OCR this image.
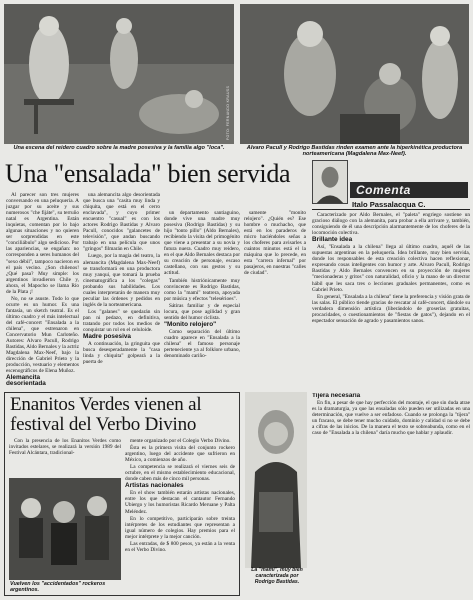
FOTO: FERNANDO KRAUSS
Una escena del reidero cuadro sobre la madre posesiva y la familia algo "loca".	Alvaro Pacull y Rodrigo Bastidas rinden examen ante la hiperkinética productora norteamericana (Magdalena Max-Neef).
Una "ensalada" bien servida
Comenta
Italo Passalacqua C.

Al parecer son tres mujeres conversando en una peluquería. A juzgar por su aceite y sus numerosos "che fijáte", su terruño natal es Argentina. Están inquietas, comentan por lo bajo algunas situaciones y no quieren ser sorprendidas en este "conciliábulo" algo sedicioso. Por las apariencias, se engañan: no corresponden a seres humanos del "sexo débil", tampoco nacieron en el país vecino. ¿Son chilenos! ¿Qué pasa? Muy simple: los argentinos invadieron Chile y, ahora, el Mapocho se llama Río de la Plata ¡!

No, no se asuste. Todo lo que ocurre es un humor. Es una fantasía, un sketch teatral. Es el último cuadro y el más intelectual del café-concert "Ensalada a la chilena", que estrenaron en Concervatorio Mun Carloteño. Autores: Alvaro Pacull, Rodrigo Bastidas, Aldo Bernales y la actriz Magdalena Max-Neef, bajo la dirección de Gabriel Prieto y la producción, vestuario y elementos escenográficos de Elena Muñoz.

Alemancita desorientada

una alemancita algo desorientada que busca una "casita muy linda y chiquita, que está en el cerro enclavada", y cuyo primer encuentro "casual" es con los actores Rodrigo Bastidas y Alvaro Pacull, conocidos "galancetes de televisión", que andan buscando trabajo en una película que unos "gringos" filmarán en Chile.

Luego, por la magia del teatro, la alemancita (Magdalena Max-Neef) se transformará en una productora muy yanqui, que tomará la prueba cinematográfica a los "colegas" probando sus habilidades. Los cuales interpretarán de manera muy peculiar las órdenes y pedidos en inglés de la norteamericana.

Los "galanes" se quedarán sin pan ni pedazo, en definitiva, tratando por todos los medios de conquistar un rol en el celuloide.

Madre posesiva

A continuación, la gringuita que busca desesperadamente la "casa linda y chiquita" golpeará a la puerta de

un departamento santiaguino, donde vive una madre muy posesiva (Rodrigo Bastidas) y su hijo "tonto pillo" (Aldo Bernales), recibiendo la visita del primogénito que viene a presentar a su novia y futura nuera. Cuadro muy reidero, en el que Aldo Bernales destaca por su creación de personaje, escaso castellano, con sus gestos y su actitud.

También histriónicamente muy convincente es Rodrigo Bastidas, como la "mami" teatrera, apoyada por música y efectos "telesérioes".

Sátiras familiar y de especial locura, que pose agilidad y gran sentido del humor ciclista.

"Monito relojero"

Como separación del último cuadro aparece en "Ensalada a la chilena" el famoso personaje perteneciente ya al folklore urbano, denominado cariño-

samente "monito relojero". ¿Quién es? Ese hombre o muchacho, que está en los paraderos de micro haciéndoles señas a los choferes para avisarles a cuántos minutos está el la máquina que lo precede, en esta "carrera infernal" por pasajeros, en nuestras "calles de ciudad".

Caracterizado por Aldo Bernales, el "paleta" engriego sostiene un gracioso diálogo con la alemanita, para probar a ella arrivare y, también, consiguiendo de él una descripción alarmantemente de los choferes de la locomoción colectiva.

Brillante idea

Así, "Ensalada a la chilena" llega al último cuadro, aquél de las supuestas argentinas en la peluquería. Idea brillante, muy bien servida, donde los responsables de esta creación colectiva hacen reflexionar, expresando cosas inteligentes con humor y arte. Alvaro Pacull, Rodrigo Bastidas y Aldo Bernales convencen en su proyección de mujeres "mecionaderas y gritos" con naturalidad, oficio y la mano de un director hábil que les saca tres o lecciones graduales permanentes, como es Gabriel Prieto.

En general, "Ensalada a la chilena" tiene la preferencia y visión grata de las salas. El público tiende gracias de rescatar al café-concert, dándole su verdadera dimensión artística (liberándolo de groserías gratuitas, procacidades, o cuestionamientos de "fiestas de gatos"), dejando en el espectador sensación de agrado y pasamientos sanos.

Enanitos Verdes vienen al festival del Verbo Divino

Con la presencia de los Enanitos Verdes como invitados estelares, se realizará la versión 1989 del Festival Alcántara, tradicional-

Vuelven los "accidentados" rockeros argentinos.

mente organizado por el Colegio Verbo Divino.

Ésta es la primera visita del conjunto rockero argentino, luego del accidente que sufrieron en México, a comienzos de año.

La competencia se realizará el viernes seis de octubre, en el mismo establecimiento educacional, donde caben más de cinco mil personas.

Artistas nacionales

En el show también estarán artistas nacionales, entre los que destacan el cantautor Fernando Ubiergo y los humoristas Ricardo Meruane y Palta Meléndez.

En lo competitivo, participarán sobre treinta intérpretes de los estudiantes que representan a igual número de colegios. Hay premios para el mejor intérprete y la mejor canción.

Las entradas, de $ 800 pesos, ya están a la venta en el Verbo Divino.

La "mami", muy bien caracterizada por Rodrigo Bastidas.

Tijera necesaria

En fin, a pesar de que hay perfección del montaje, el que sin duda atrae es la dramaturgia, ya que las ensaladas sólo pueden ser utilizadas en una determinación, que vuelve a ser enfadoso. Cuando se prolonga la "tijera" un fracaso, se debe tener mucho cuidado, dominio y calidad si no se debe a cifras de las inicios. De la manera el texto se sobreabunda, como en el caso de "Ensalada a la chilena" daría mucho que hablar y aplaudir.
